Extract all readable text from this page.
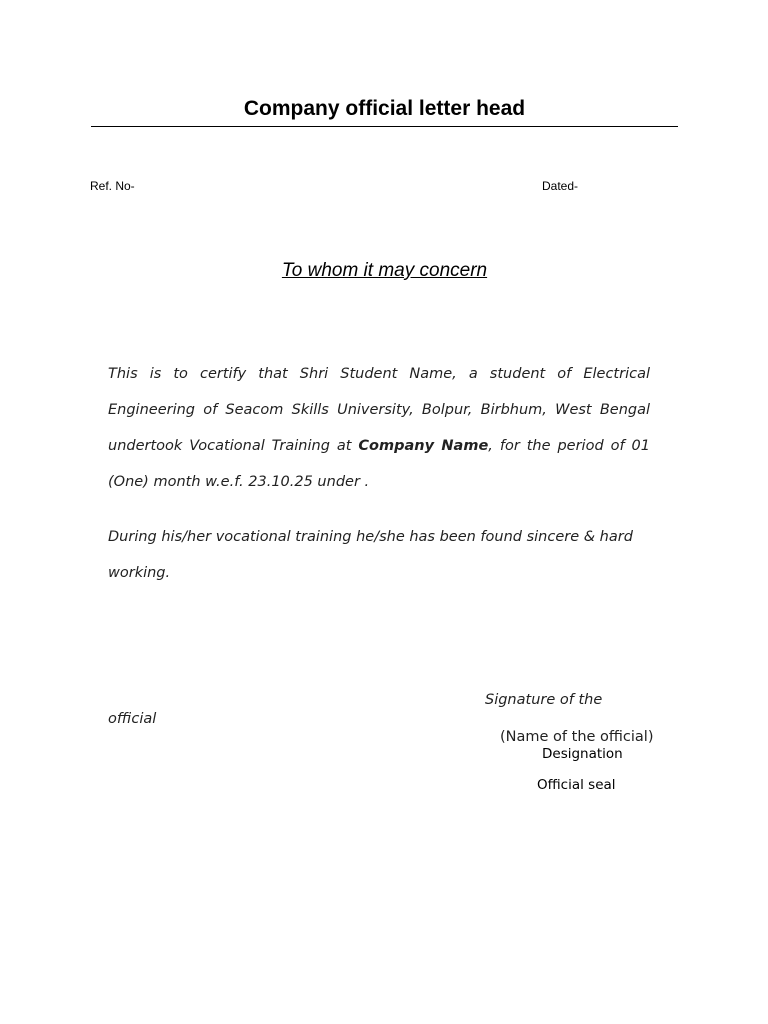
Company official letter head
Ref. No-	Dated-
To whom it may concern
This is to certify that Shri Student Name, a student of Electrical Engineering of Seacom Skills University, Bolpur, Birbhum, West Bengal undertook Vocational Training at Company Name, for the period of 01 (One) month w.e.f. 23.10.25 under .
During his/her vocational training he/she has been found sincere & hard working.
Signature of the
official
(Name of the official)
Designation
Official seal
